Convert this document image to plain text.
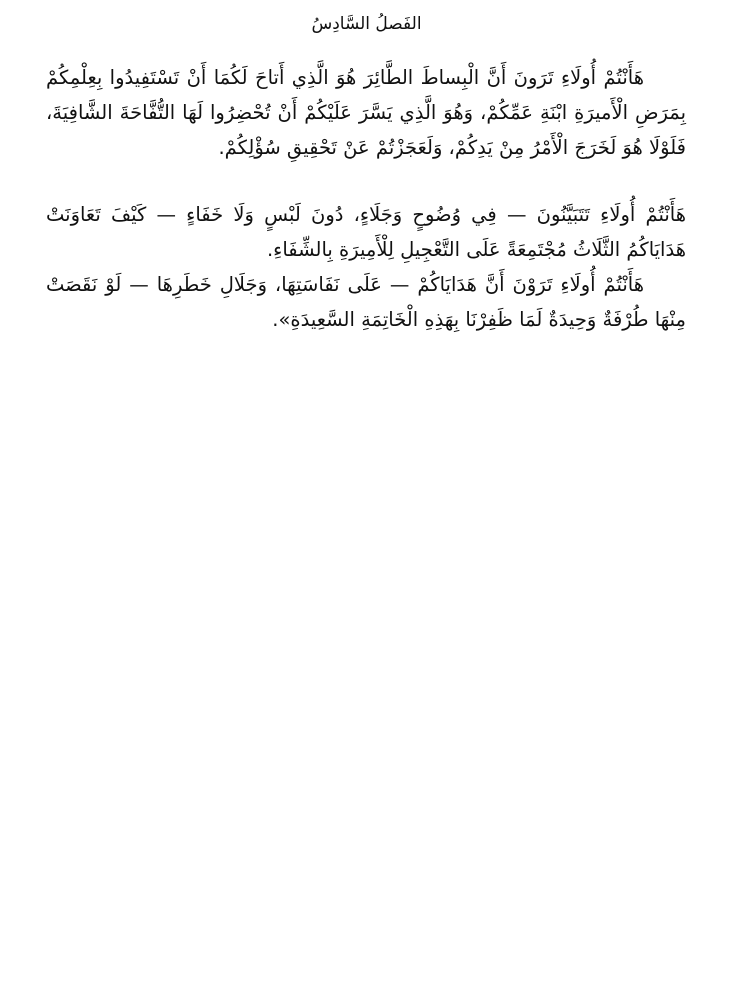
الفَصلُ السَّادِسُ

هَأَنْتُمْ أُولَاءِ تَرَونَ أَنَّ الْبِساطَ الطَّائِرَ هُوَ الَّذِي أَتاحَ لَكُمَا أَنْ تَسْتَفِيدُوا بِعِلْمِكُمْ بِمَرَضِ الْأَميرَةِ ابْنَةِ عَمِّكُمْ، وَهُوَ الَّذِي يَسَّرَ عَلَيْكُمْ أَنْ تُحْضِرُوا لَهَا التُّفَّاحَةَ الشَّافِيَةَ، فَلَوْلَا هُوَ لَخَرَجَ الْأَمْرُ مِنْ يَدِكُمْ، وَلَعَجَزْتُمْ عَنْ تَحْقِيقِ سُؤْلِكُمْ.

هَأَنْتُمْ أُولَاءِ تَتَبَيَّنُونَ — فِي وُضُوحٍ وَجَلَاءٍ، دُونَ لَبْسٍ وَلَا خَفَاءٍ — كَيْفَ تَعَاوَنَتْ هَدَايَاكُمُ الثَّلَاثُ مُجْتَمِعَةً عَلَى التَّعْجِيلِ لِلْأَمِيرَةِ بِالشِّفَاءِ.

هَأَنْتُمْ أُولَاءِ تَرَوْنَ أَنَّ هَدَايَاكُمْ — عَلَى نَفَاسَتِهَا، وَجَلَالِ خَطَرِهَا — لَوْ نَقَصَتْ مِنْهَا طُرْفَةٌ وَحِيدَةٌ لَمَا ظَفِرْنَا بِهَذِهِ الْخَاتِمَةِ السَّعِيدَةِ».
